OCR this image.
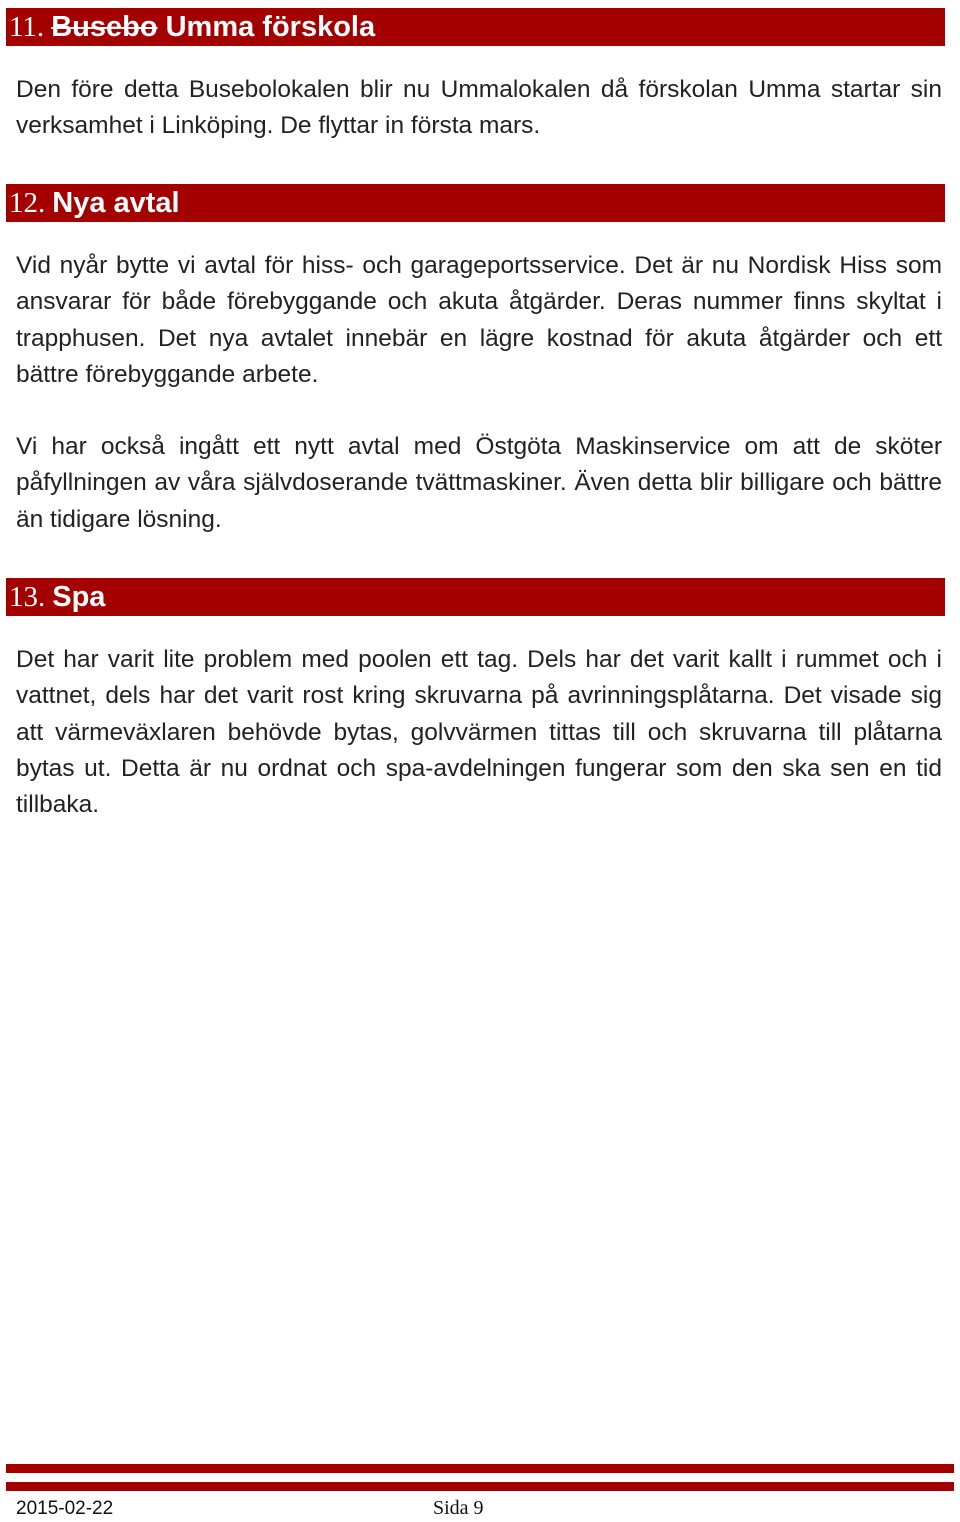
11. Busebo Umma förskola

Den före detta Busebolokalen blir nu Ummalokalen då förskolan Umma startar sin verksamhet i Linköping. De flyttar in första mars.

12. Nya avtal

Vid nyår bytte vi avtal för hiss- och garageportsservice. Det är nu Nordisk Hiss som ansvarar för både förebyggande och akuta åtgärder. Deras nummer finns skyltat i trapphusen. Det nya avtalet innebär en lägre kostnad för akuta åtgärder och ett bättre förebyggande arbete.

Vi har också ingått ett nytt avtal med Östgöta Maskinservice om att de sköter påfyllningen av våra självdoserande tvättmaskiner. Även detta blir billigare och bättre än tidigare lösning.

13. Spa

Det har varit lite problem med poolen ett tag. Dels har det varit kallt i rummet och i vattnet, dels har det varit rost kring skruvarna på avrinningsplåtarna. Det visade sig att värmeväxlaren behövde bytas, golvvärmen tittas till och skruvarna till plåtarna bytas ut. Detta är nu ordnat och spa-avdelningen fungerar som den ska sen en tid tillbaka.

2015-02-22	Sida 9
